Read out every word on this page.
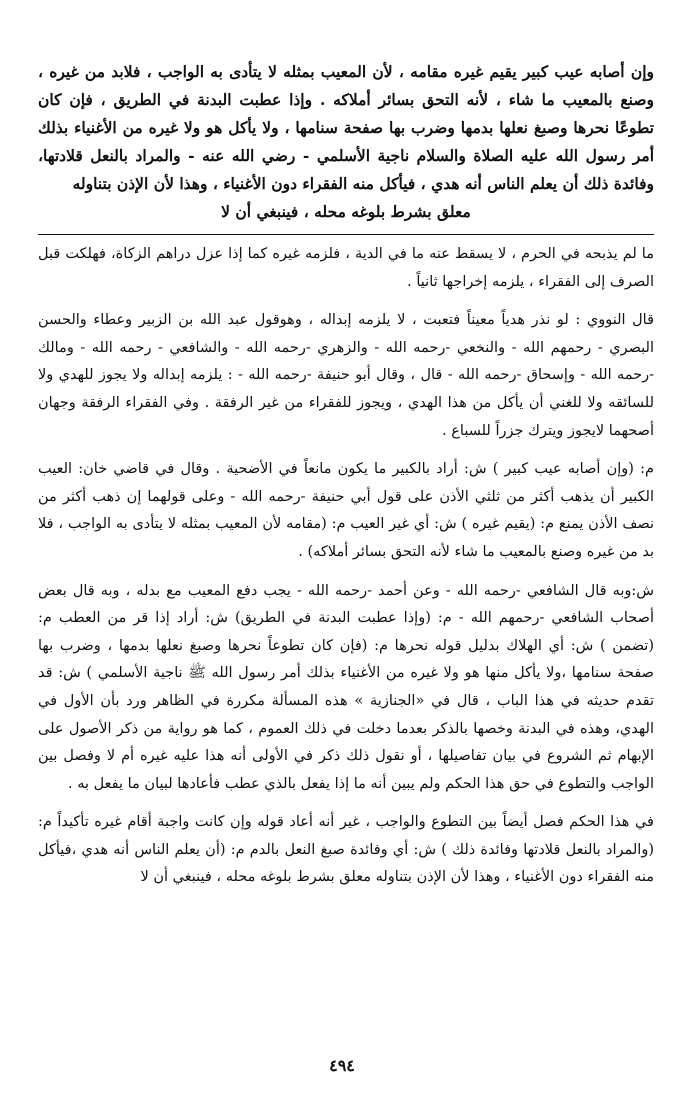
وإن أصابه عيب كبير يقيم غيره مقامه ، لأن المعيب بمثله لا يتأدى به الواجب ، فلابد من غيره ، وصنع بالمعيب ما شاء ، لأنه التحق بسائر أملاكه . وإذا عطبت البدنة في الطريق ، فإن كان تطوعًا نحرها وصبغ نعلها بدمها وضرب بها صفحة سنامها ، ولا يأكل هو ولا غيره من الأغنياء بذلك أمر رسول الله عليه الصلاة والسلام ناجية الأسلمي - رضي الله عنه - والمراد بالنعل قلادتها، وفائدة ذلك أن يعلم الناس أنه هدي ، فيأكل منه الفقراء دون الأغنياء ، وهذا لأن الإذن بتناوله

معلق بشرط بلوغه محله ، فينبغي أن لا

ما لم يذبحه في الحرم ، لا يسقط عنه ما في الدية ، فلزمه غيره كما إذا عزل دراهم الزكاة، فهلكت قبل الصرف إلى الفقراء ، يلزمه إخراجها ثانياً .

قال النووي : لو نذر هدياً معيناً فتعبت ، لا يلزمه إبداله ، وهوقول عبد الله بن الزبير وعطاء والحسن البصري - رحمهم الله - والنخعي -رحمه الله - والزهري -رحمه الله - والشافعي - رحمه الله - ومالك -رحمه الله - وإسحاق -رحمه الله - قال ، وقال أبو حنيفة -رحمه الله - : يلزمه إبداله ولا يجوز للهدي ولا للسائقه ولا للغني أن يأكل من هذا الهدي ، ويجوز للفقراء من غير الرفقة . وفي الفقراء الرفقة وجهان أصحهما لايجوز ويترك جزراً للسباع .

م: (وإن أصابه عيب كبير ) ش: أراد بالكبير ما يكون مانعاً في الأضحية . وقال في قاضي خان: العيب الكبير أن يذهب أكثر من ثلثي الأذن على قول أبي حنيفة -رحمه الله - وعلى قولهما إن ذهب أكثر من نصف الأذن يمنع م: (يقيم غيره ) ش: أي غير العيب م: (مقامه لأن المعيب بمثله لا يتأدى به الواجب ، فلا بد من غيره وصنع بالمعيب ما شاء لأنه التحق بسائر أملاكه) .

ش:وبه قال الشافعي -رحمه الله - وعن أحمد -رحمه الله - يجب دفع المعيب مع بدله ، وبه قال بعض أصحاب الشافعي -رحمهم الله - م: (وإذا عطبت البدنة في الطريق) ش: أراد إذا قر من العطب م: (تضمن ) ش: أي الهلاك بدليل قوله نحرها م: (فإن كان تطوعاً نحرها وصبغ نعلها بدمها ، وضرب بها صفحة سنامها ،ولا يأكل منها هو ولا غيره من الأغنياء بذلك أمر رسول الله ﷺ ناجية الأسلمي ) ش: قد تقدم حديثه في هذا الباب ، قال في «الجنازية » هذه المسألة مكررة في الظاهر ورد بأن الأول في الهدي، وهذه في البدنة وخصها بالذكر بعدما دخلت في ذلك العموم ، كما هو رواية من ذكر الأصول على الإبهام ثم الشروع في بيان تفاصيلها ، أو نقول ذلك ذكر في الأولى أنه هذا عليه غيره أم لا وفصل بين الواجب والتطوع في حق هذا الحكم ولم يبين أنه ما إذا يفعل بالذي عطب فأعادها لبيان ما يفعل به .

في هذا الحكم فصل أيضاً بين التطوع والواجب ، غير أنه أعاد قوله وإن كانت واجبة أقام غيره تأكيداً م: (والمراد بالنعل قلادتها وفائدة ذلك ) ش: أي وفائدة صبغ النعل بالدم م: (أن يعلم الناس أنه هدي ،فيأكل منه الفقراء دون الأغنياء ، وهذا لأن الإذن بتناوله معلق بشرط بلوغه محله ، فينبغي أن لا

٤٩٤
